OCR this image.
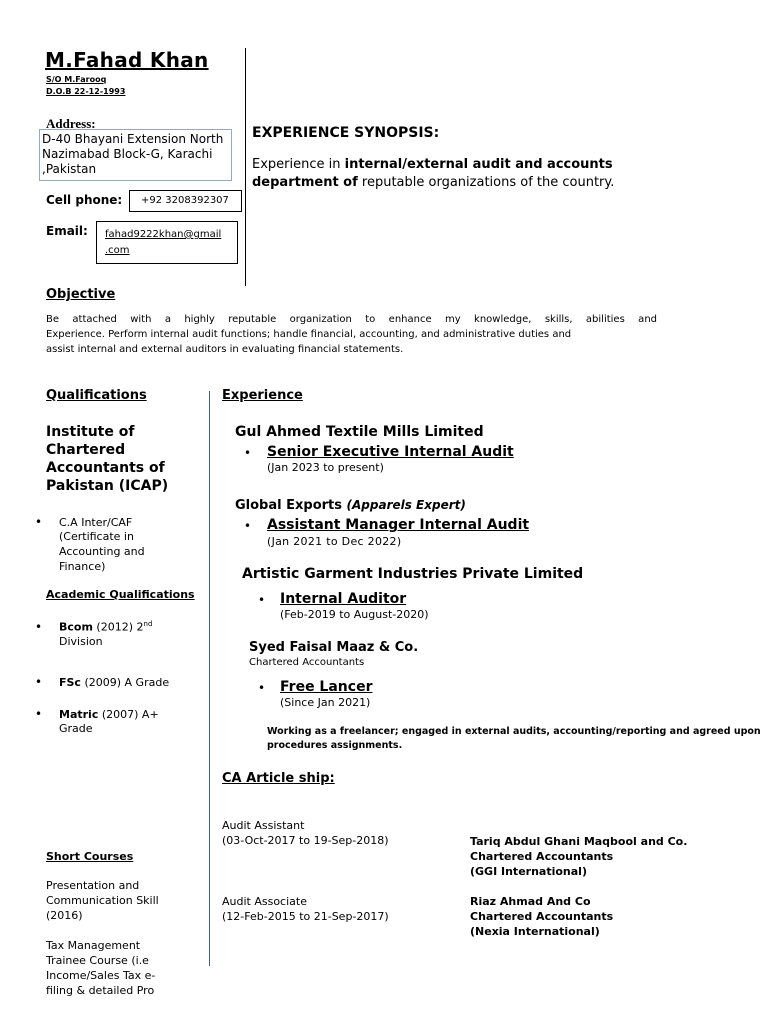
M.Fahad Khan
S/O M.Farooq
D.O.B 22-12-1993
Address:
D-40 Bhayani Extension North
Nazimabad Block-G, Karachi
,Pakistan
Cell phone: +92 3208392307
Email: fahad9222khan@gmail
.com
EXPERIENCE SYNOPSIS:
Experience in internal/external audit and accounts
department of reputable organizations of the country.
Objective
Be attached with a highly reputable organization to enhance my knowledge, skills, abilities and
Experience. Perform internal audit functions; handle financial, accounting, and administrative duties and
assist internal and external auditors in evaluating financial statements.
Qualifications
Institute of
Chartered
Accountants of
Pakistan (ICAP)
• C.A Inter/CAF
(Certificate in
Accounting and
Finance)
Academic Qualifications
• Bcom (2012) 2nd
Division
• FSc (2009) A Grade
• Matric (2007) A+
Grade
Short Courses
Presentation and
Communication Skill
(2016)
Tax Management
Trainee Course (i.e
Income/Sales Tax e-
filing & detailed Pro
Experience
Gul Ahmed Textile Mills Limited
• Senior Executive Internal Audit
(Jan 2023 to present)
Global Exports (Apparels Expert)
• Assistant Manager Internal Audit
(Jan 2021 to Dec 2022)
Artistic Garment Industries Private Limited
• Internal Auditor
(Feb-2019 to August-2020)
Syed Faisal Maaz & Co.
Chartered Accountants
• Free Lancer
(Since Jan 2021)
Working as a freelancer; engaged in external audits, accounting/reporting and agreed upon
procedures assignments.
CA Article ship:
Audit Assistant
(03-Oct-2017 to 19-Sep-2018)	Tariq Abdul Ghani Maqbool and Co.
Chartered Accountants
(GGI International)
Audit Associate
(12-Feb-2015 to 21-Sep-2017)
Riaz Ahmad And Co
Chartered Accountants
(Nexia International)
